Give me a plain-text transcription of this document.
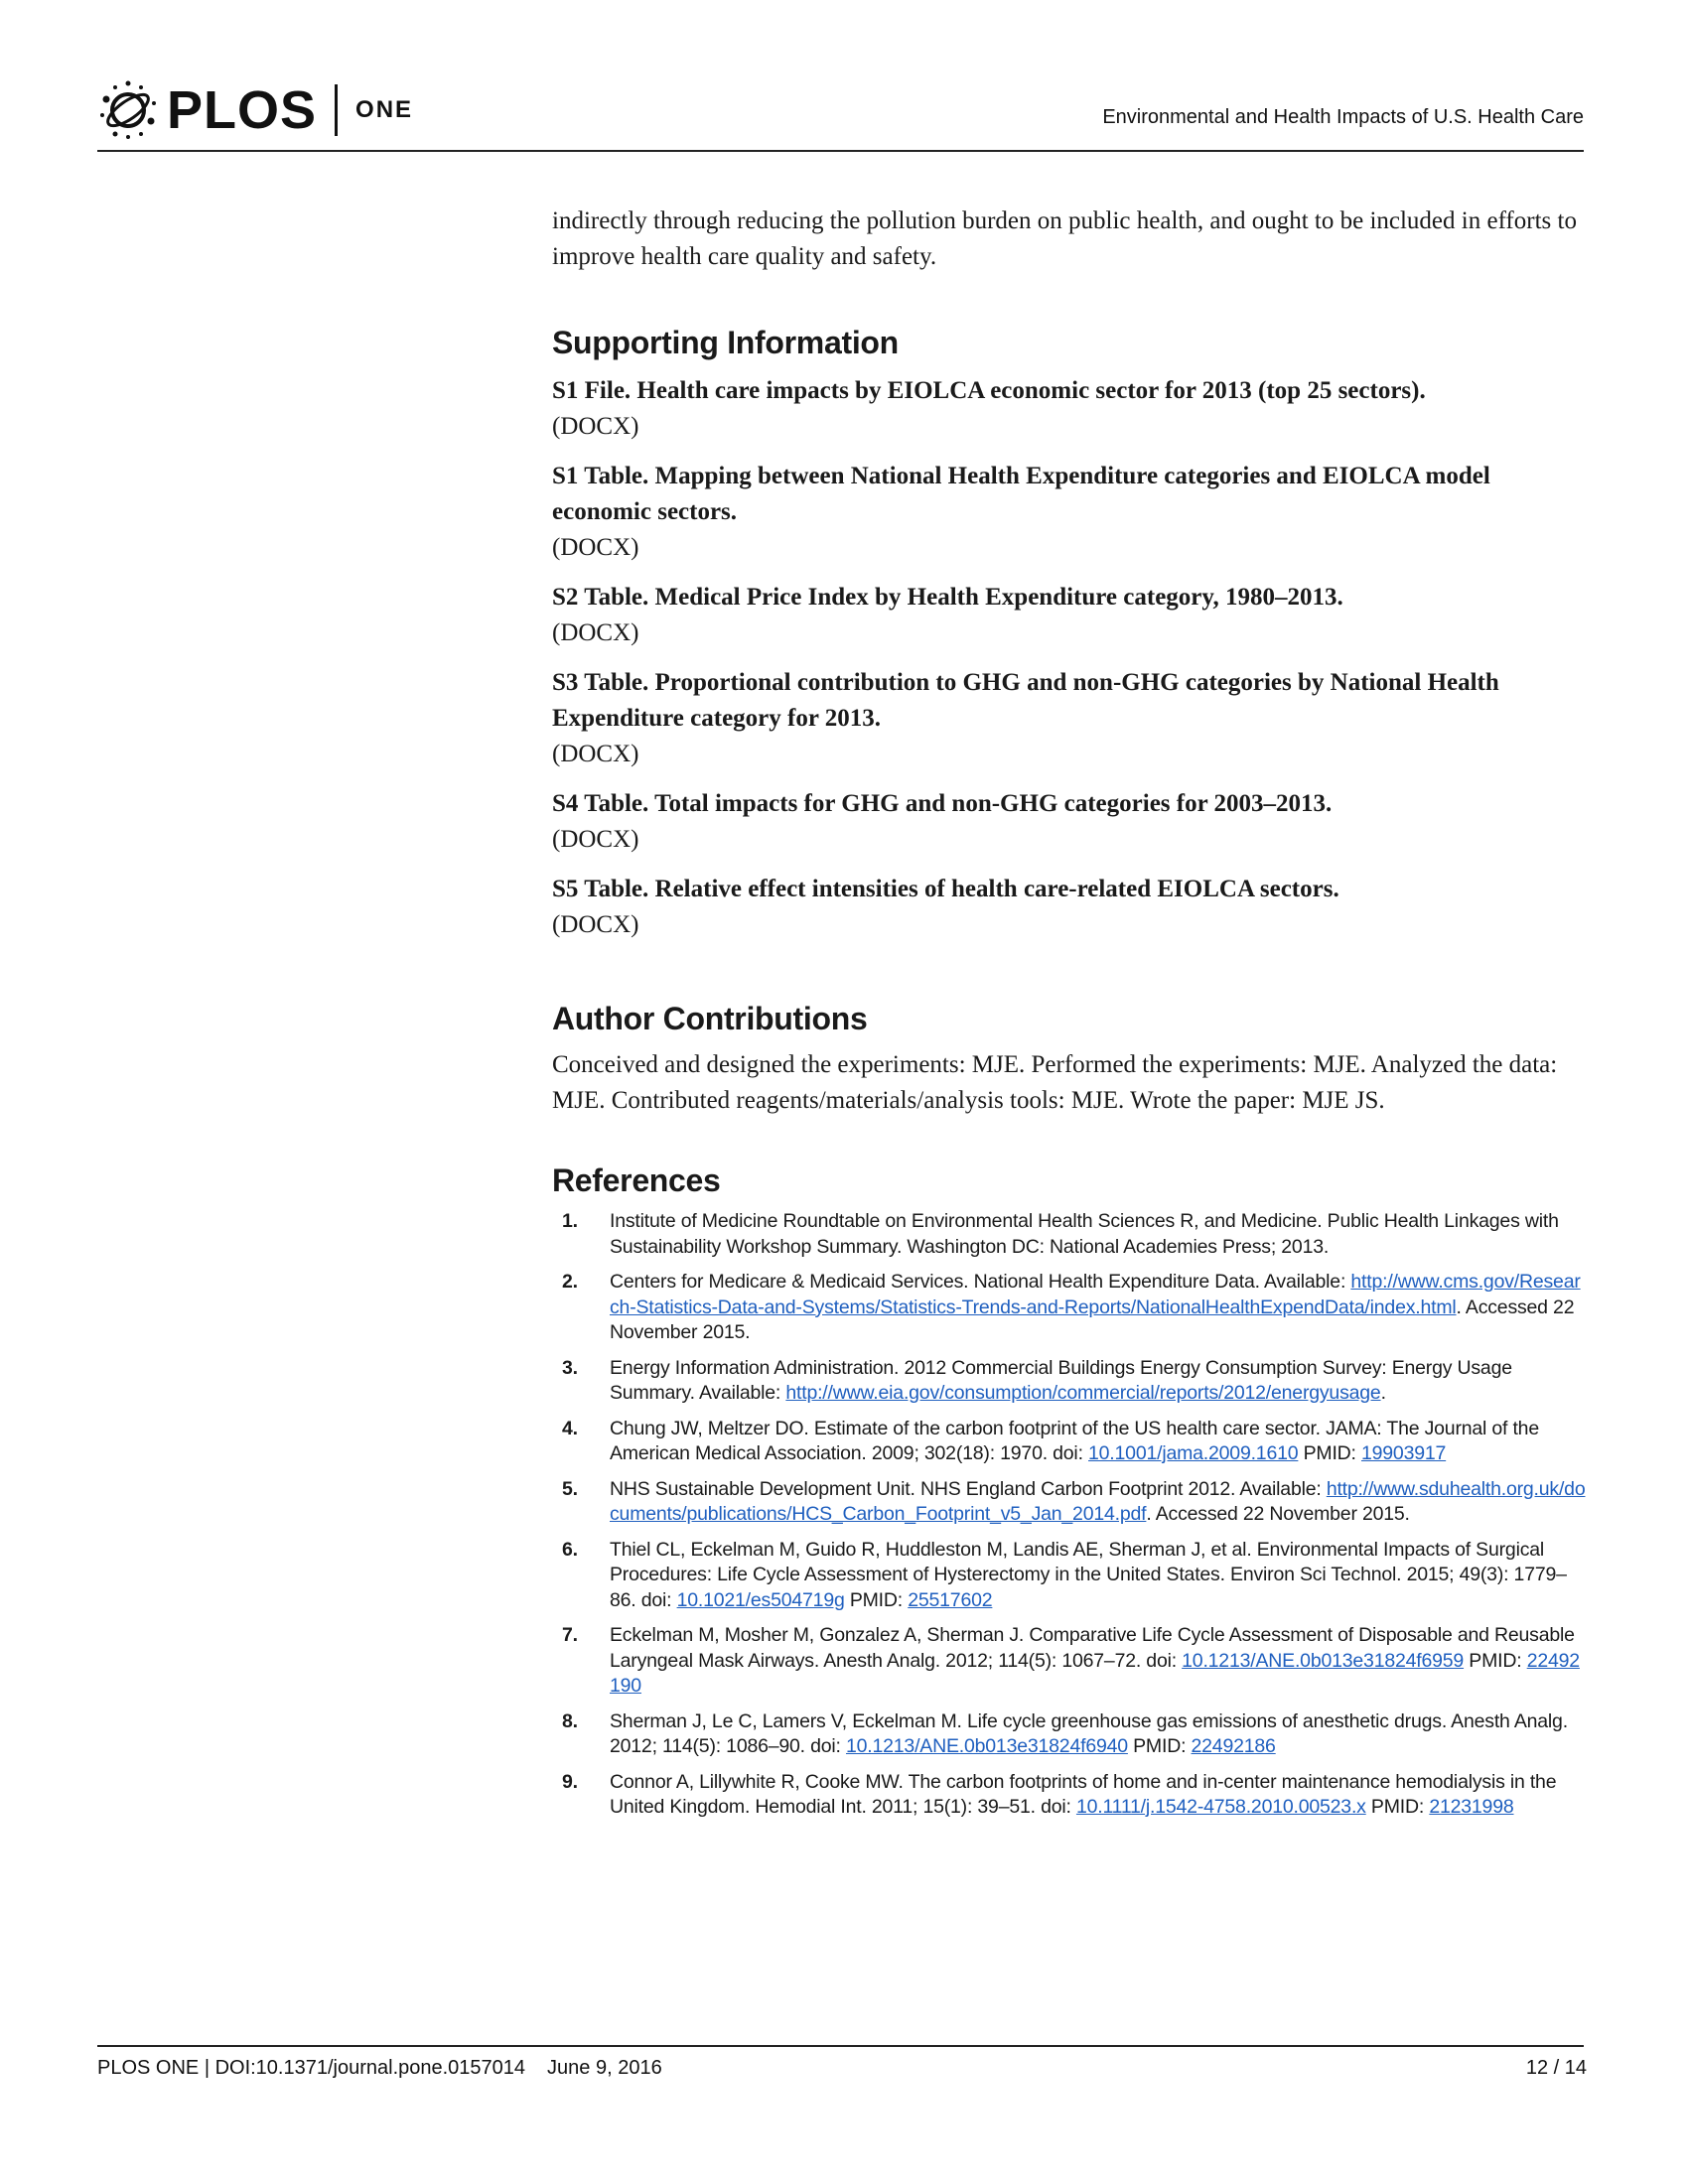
PLOS ONE	Environmental and Health Impacts of U.S. Health Care

indirectly through reducing the pollution burden on public health, and ought to be included in efforts to improve health care quality and safety.

Supporting Information

S1 File. Health care impacts by EIOLCA economic sector for 2013 (top 25 sectors).
(DOCX)

S1 Table. Mapping between National Health Expenditure categories and EIOLCA model economic sectors.
(DOCX)

S2 Table. Medical Price Index by Health Expenditure category, 1980–2013.
(DOCX)

S3 Table. Proportional contribution to GHG and non-GHG categories by National Health Expenditure category for 2013.
(DOCX)

S4 Table. Total impacts for GHG and non-GHG categories for 2003–2013.
(DOCX)

S5 Table. Relative effect intensities of health care-related EIOLCA sectors.
(DOCX)

Author Contributions

Conceived and designed the experiments: MJE. Performed the experiments: MJE. Analyzed the data: MJE. Contributed reagents/materials/analysis tools: MJE. Wrote the paper: MJE JS.

References
1. Institute of Medicine Roundtable on Environmental Health Sciences R, and Medicine. Public Health Linkages with Sustainability Workshop Summary. Washington DC: National Academies Press; 2013.
2. Centers for Medicare & Medicaid Services. National Health Expenditure Data. Available: http://www.cms.gov/Research-Statistics-Data-and-Systems/Statistics-Trends-and-Reports/NationalHealthExpendData/index.html. Accessed 22 November 2015.
3. Energy Information Administration. 2012 Commercial Buildings Energy Consumption Survey: Energy Usage Summary. Available: http://www.eia.gov/consumption/commercial/reports/2012/energyusage.
4. Chung JW, Meltzer DO. Estimate of the carbon footprint of the US health care sector. JAMA: The Journal of the American Medical Association. 2009; 302(18): 1970. doi: 10.1001/jama.2009.1610 PMID: 19903917
5. NHS Sustainable Development Unit. NHS England Carbon Footprint 2012. Available: http://www.sduhealth.org.uk/documents/publications/HCS_Carbon_Footprint_v5_Jan_2014.pdf. Accessed 22 November 2015.
6. Thiel CL, Eckelman M, Guido R, Huddleston M, Landis AE, Sherman J, et al. Environmental Impacts of Surgical Procedures: Life Cycle Assessment of Hysterectomy in the United States. Environ Sci Technol. 2015; 49(3): 1779–86. doi: 10.1021/es504719g PMID: 25517602
7. Eckelman M, Mosher M, Gonzalez A, Sherman J. Comparative Life Cycle Assessment of Disposable and Reusable Laryngeal Mask Airways. Anesth Analg. 2012; 114(5): 1067–72. doi: 10.1213/ANE.0b013e31824f6959 PMID: 22492190
8. Sherman J, Le C, Lamers V, Eckelman M. Life cycle greenhouse gas emissions of anesthetic drugs. Anesth Analg. 2012; 114(5): 1086–90. doi: 10.1213/ANE.0b013e31824f6940 PMID: 22492186
9. Connor A, Lillywhite R, Cooke MW. The carbon footprints of home and in-center maintenance hemodialysis in the United Kingdom. Hemodial Int. 2011; 15(1): 39–51. doi: 10.1111/j.1542-4758.2010.00523.x PMID: 21231998
PLOS ONE | DOI:10.1371/journal.pone.0157014 June 9, 2016	12 / 14
